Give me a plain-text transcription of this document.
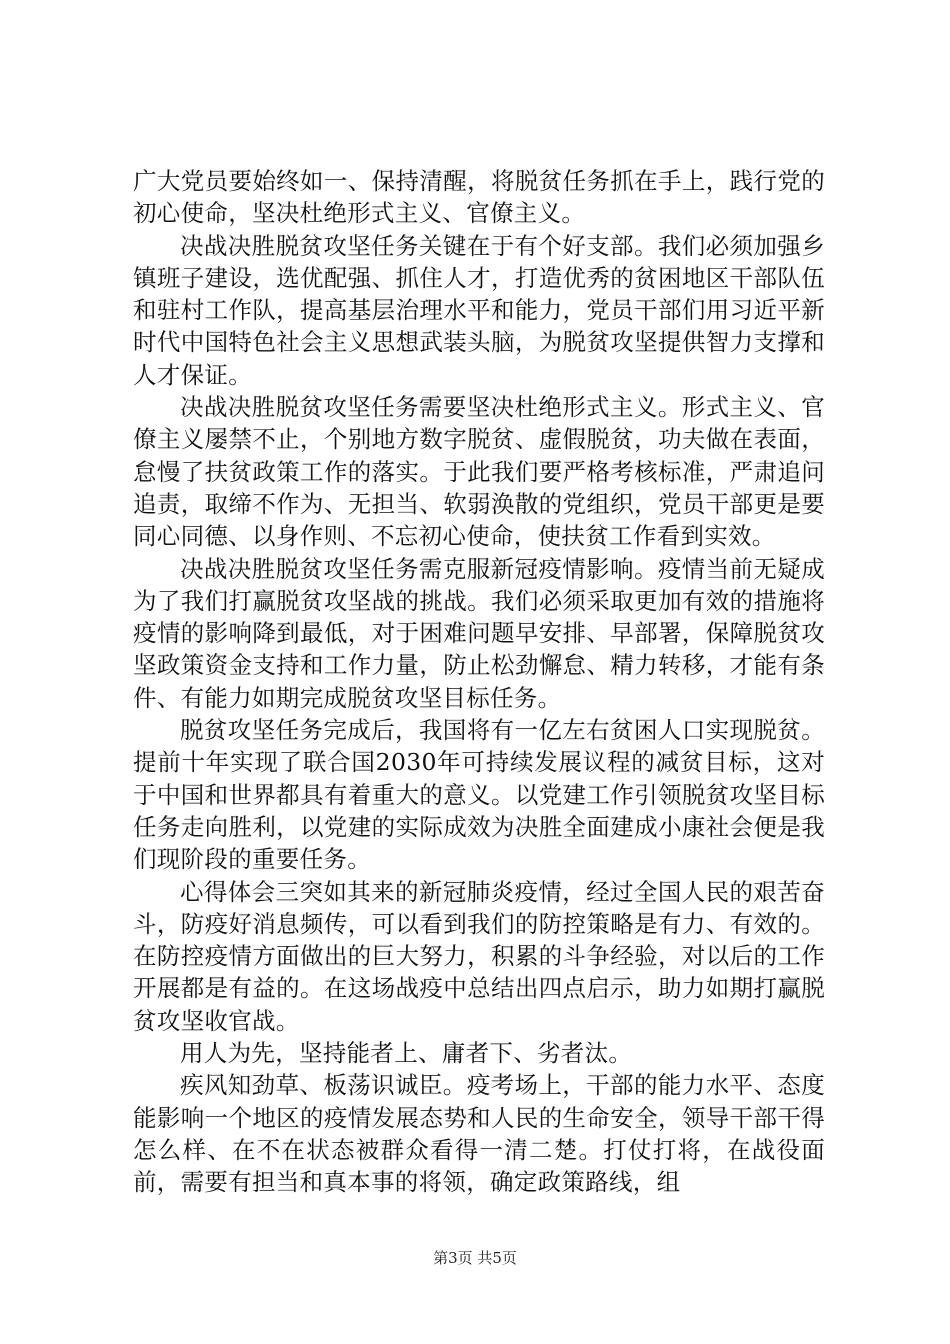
广大党员要始终如一、保持清醒，将脱贫任务抓在手上，践行党的初心使命，坚决杜绝形式主义、官僚主义。

决战决胜脱贫攻坚任务关键在于有个好支部。我们必须加强乡镇班子建设，选优配强、抓住人才，打造优秀的贫困地区干部队伍和驻村工作队，提高基层治理水平和能力，党员干部们用习近平新时代中国特色社会主义思想武装头脑，为脱贫攻坚提供智力支撑和人才保证。

决战决胜脱贫攻坚任务需要坚决杜绝形式主义。形式主义、官僚主义屡禁不止，个别地方数字脱贫、虚假脱贫，功夫做在表面，怠慢了扶贫政策工作的落实。于此我们要严格考核标准，严肃追问追责，取缔不作为、无担当、软弱涣散的党组织，党员干部更是要同心同德、以身作则、不忘初心使命，使扶贫工作看到实效。

决战决胜脱贫攻坚任务需克服新冠疫情影响。疫情当前无疑成为了我们打赢脱贫攻坚战的挑战。我们必须采取更加有效的措施将疫情的影响降到最低，对于困难问题早安排、早部署，保障脱贫攻坚政策资金支持和工作力量，防止松劲懈怠、精力转移，才能有条件、有能力如期完成脱贫攻坚目标任务。

脱贫攻坚任务完成后，我国将有一亿左右贫困人口实现脱贫。提前十年实现了联合国2030年可持续发展议程的减贫目标，这对于中国和世界都具有着重大的意义。以党建工作引领脱贫攻坚目标任务走向胜利，以党建的实际成效为决胜全面建成小康社会便是我们现阶段的重要任务。

心得体会三突如其来的新冠肺炎疫情，经过全国人民的艰苦奋斗，防疫好消息频传，可以看到我们的防控策略是有力、有效的。在防控疫情方面做出的巨大努力，积累的斗争经验，对以后的工作开展都是有益的。在这场战疫中总结出四点启示，助力如期打赢脱贫攻坚收官战。

用人为先，坚持能者上、庸者下、劣者汰。

疾风知劲草、板荡识诚臣。疫考场上，干部的能力水平、态度能影响一个地区的疫情发展态势和人民的生命安全，领导干部干得怎么样、在不在状态被群众看得一清二楚。打仗打将，在战役面前，需要有担当和真本事的将领，确定政策路线，组

第3页 共5页
